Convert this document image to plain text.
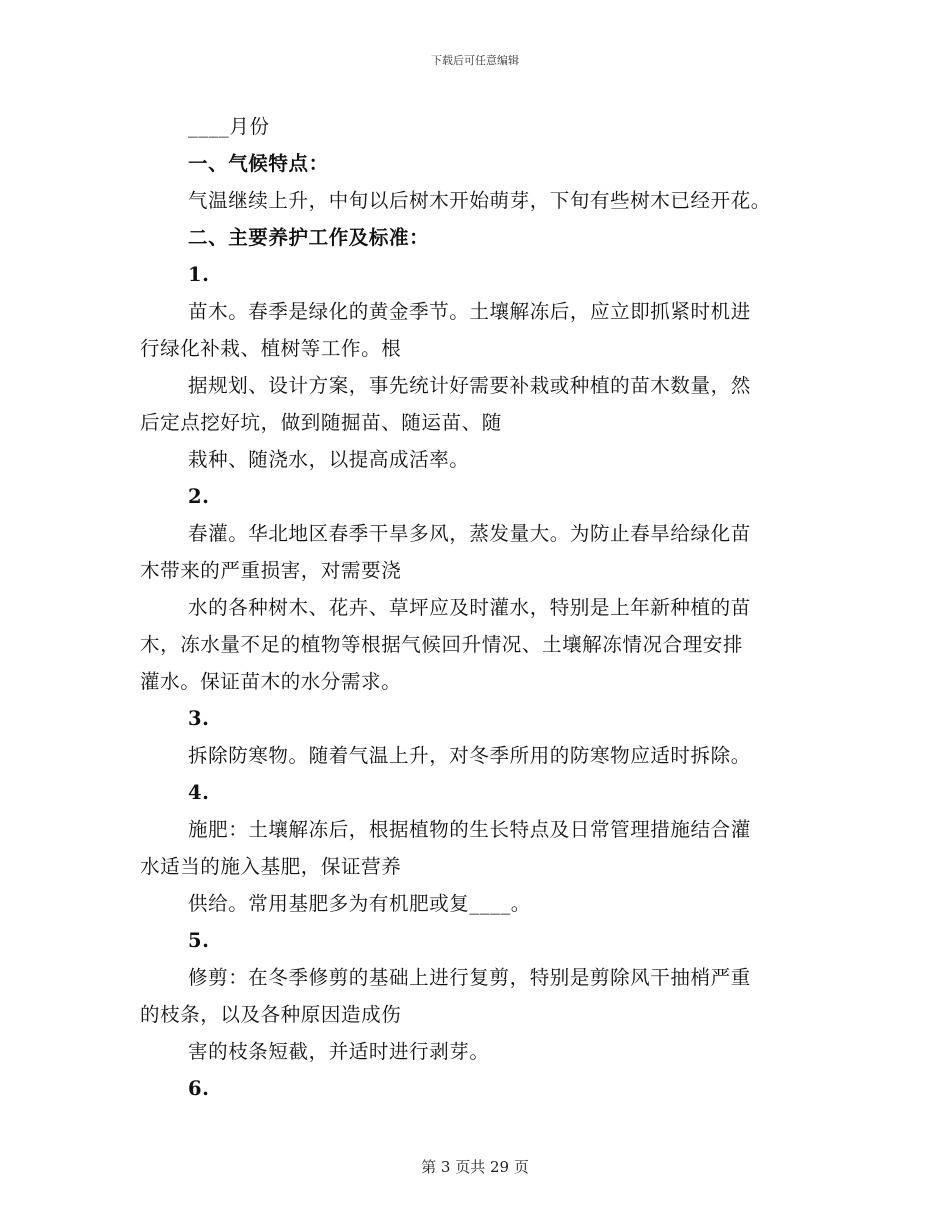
下载后可任意编辑
____月份
一、气候特点：
气温继续上升，中旬以后树木开始萌芽，下旬有些树木已经开花。
二、主要养护工作及标准：
1.
苗木。春季是绿化的黄金季节。土壤解冻后，应立即抓紧时机进
行绿化补栽、植树等工作。根
据规划、设计方案，事先统计好需要补栽或种植的苗木数量，然
后定点挖好坑，做到随掘苗、随运苗、随
栽种、随浇水，以提高成活率。
2.
春灌。华北地区春季干旱多风，蒸发量大。为防止春旱给绿化苗
木带来的严重损害，对需要浇
水的各种树木、花卉、草坪应及时灌水，特别是上年新种植的苗
木，冻水量不足的植物等根据气候回升情况、土壤解冻情况合理安排
灌水。保证苗木的水分需求。
3.
拆除防寒物。随着气温上升，对冬季所用的防寒物应适时拆除。
4.
施肥：土壤解冻后，根据植物的生长特点及日常管理措施结合灌
水适当的施入基肥，保证营养
供给。常用基肥多为有机肥或复____。
5.
修剪：在冬季修剪的基础上进行复剪，特别是剪除风干抽梢严重
的枝条，以及各种原因造成伤
害的枝条短截，并适时进行剥芽。
6.
第 3 页共 29 页
